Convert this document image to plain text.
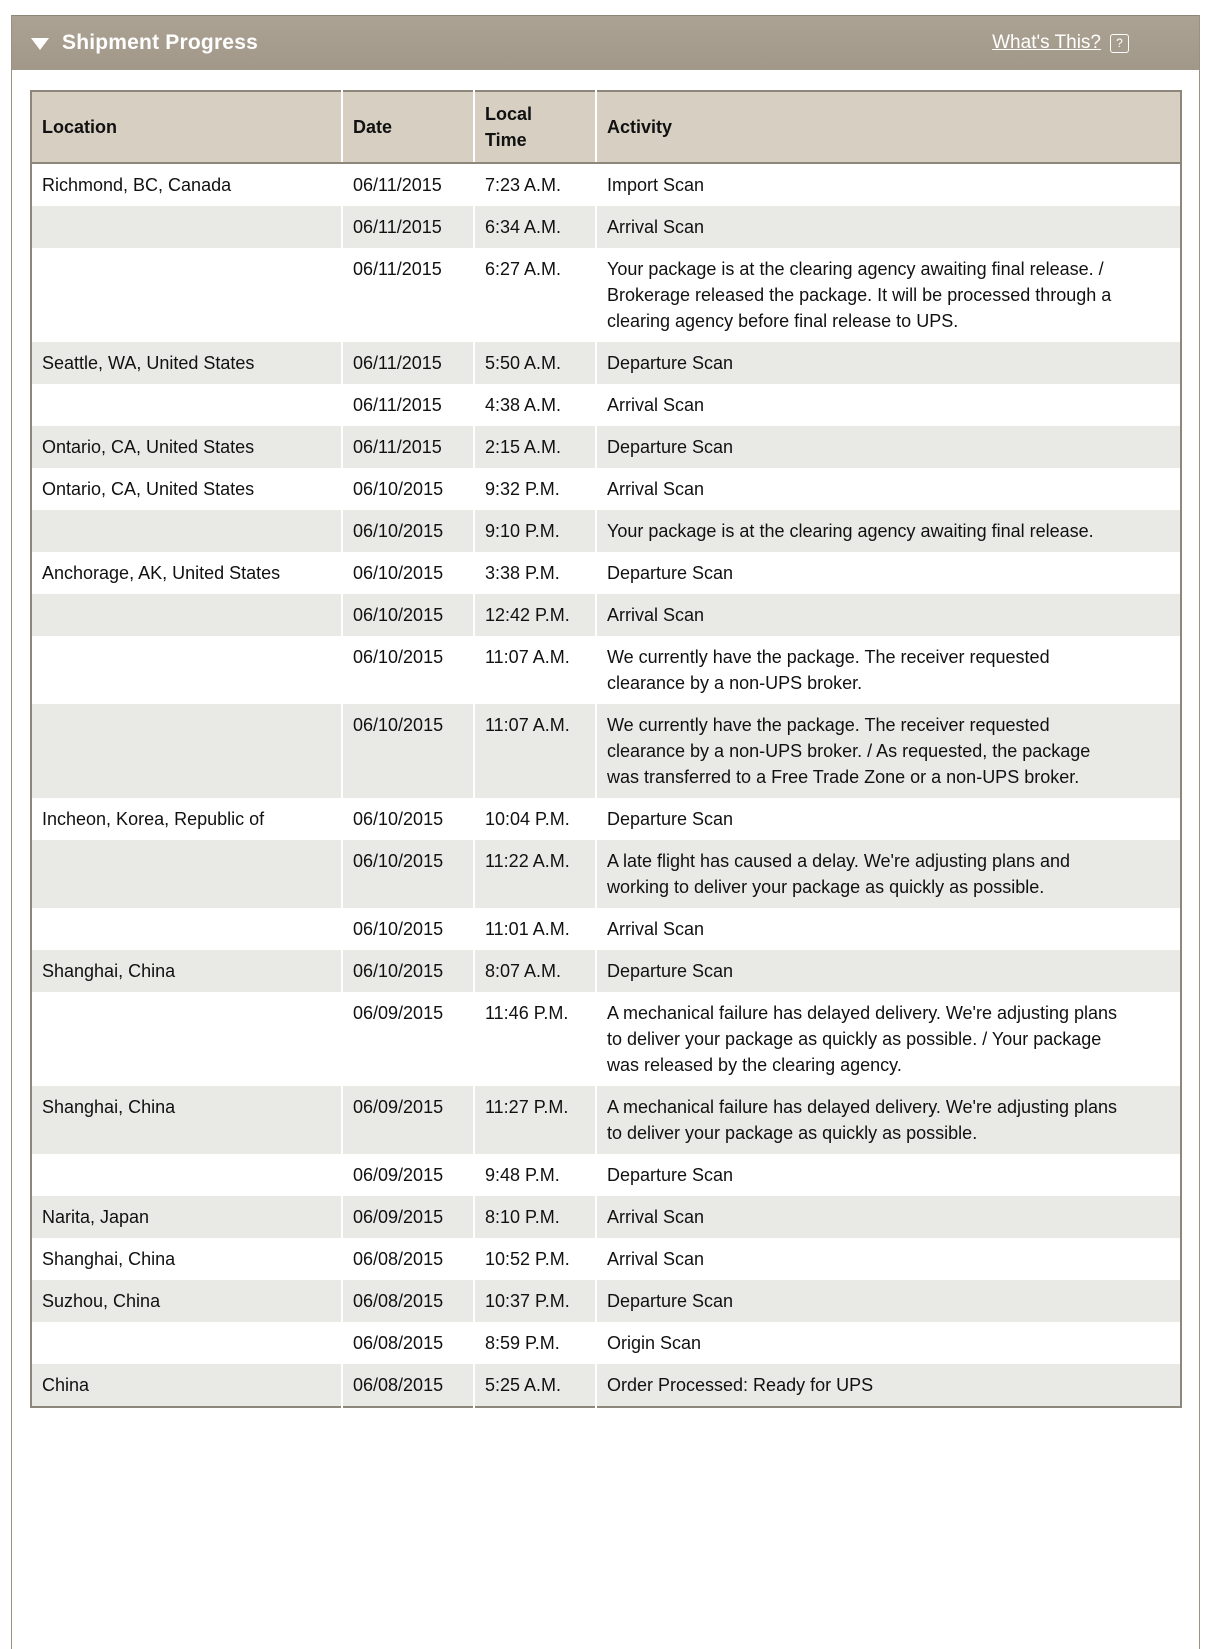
Shipment Progress	What's This?	?
Location	Date	Local Time	Activity
Richmond, BC, Canada	06/11/2015	7:23 A.M.	Import Scan
	06/11/2015	6:34 A.M.	Arrival Scan
	06/11/2015	6:27 A.M.	Your package is at the clearing agency awaiting final release. / Brokerage released the package. It will be processed through a clearing agency before final release to UPS.
Seattle, WA, United States	06/11/2015	5:50 A.M.	Departure Scan
	06/11/2015	4:38 A.M.	Arrival Scan
Ontario, CA, United States	06/11/2015	2:15 A.M.	Departure Scan
Ontario, CA, United States	06/10/2015	9:32 P.M.	Arrival Scan
	06/10/2015	9:10 P.M.	Your package is at the clearing agency awaiting final release.
Anchorage, AK, United States	06/10/2015	3:38 P.M.	Departure Scan
	06/10/2015	12:42 P.M.	Arrival Scan
	06/10/2015	11:07 A.M.	We currently have the package. The receiver requested clearance by a non-UPS broker.
	06/10/2015	11:07 A.M.	We currently have the package. The receiver requested clearance by a non-UPS broker. / As requested, the package was transferred to a Free Trade Zone or a non-UPS broker.
Incheon, Korea, Republic of	06/10/2015	10:04 P.M.	Departure Scan
	06/10/2015	11:22 A.M.	A late flight has caused a delay. We're adjusting plans and working to deliver your package as quickly as possible.
	06/10/2015	11:01 A.M.	Arrival Scan
Shanghai, China	06/10/2015	8:07 A.M.	Departure Scan
	06/09/2015	11:46 P.M.	A mechanical failure has delayed delivery. We're adjusting plans to deliver your package as quickly as possible. / Your package was released by the clearing agency.
Shanghai, China	06/09/2015	11:27 P.M.	A mechanical failure has delayed delivery. We're adjusting plans to deliver your package as quickly as possible.
	06/09/2015	9:48 P.M.	Departure Scan
Narita, Japan	06/09/2015	8:10 P.M.	Arrival Scan
Shanghai, China	06/08/2015	10:52 P.M.	Arrival Scan
Suzhou, China	06/08/2015	10:37 P.M.	Departure Scan
	06/08/2015	8:59 P.M.	Origin Scan
China	06/08/2015	5:25 A.M.	Order Processed: Ready for UPS
